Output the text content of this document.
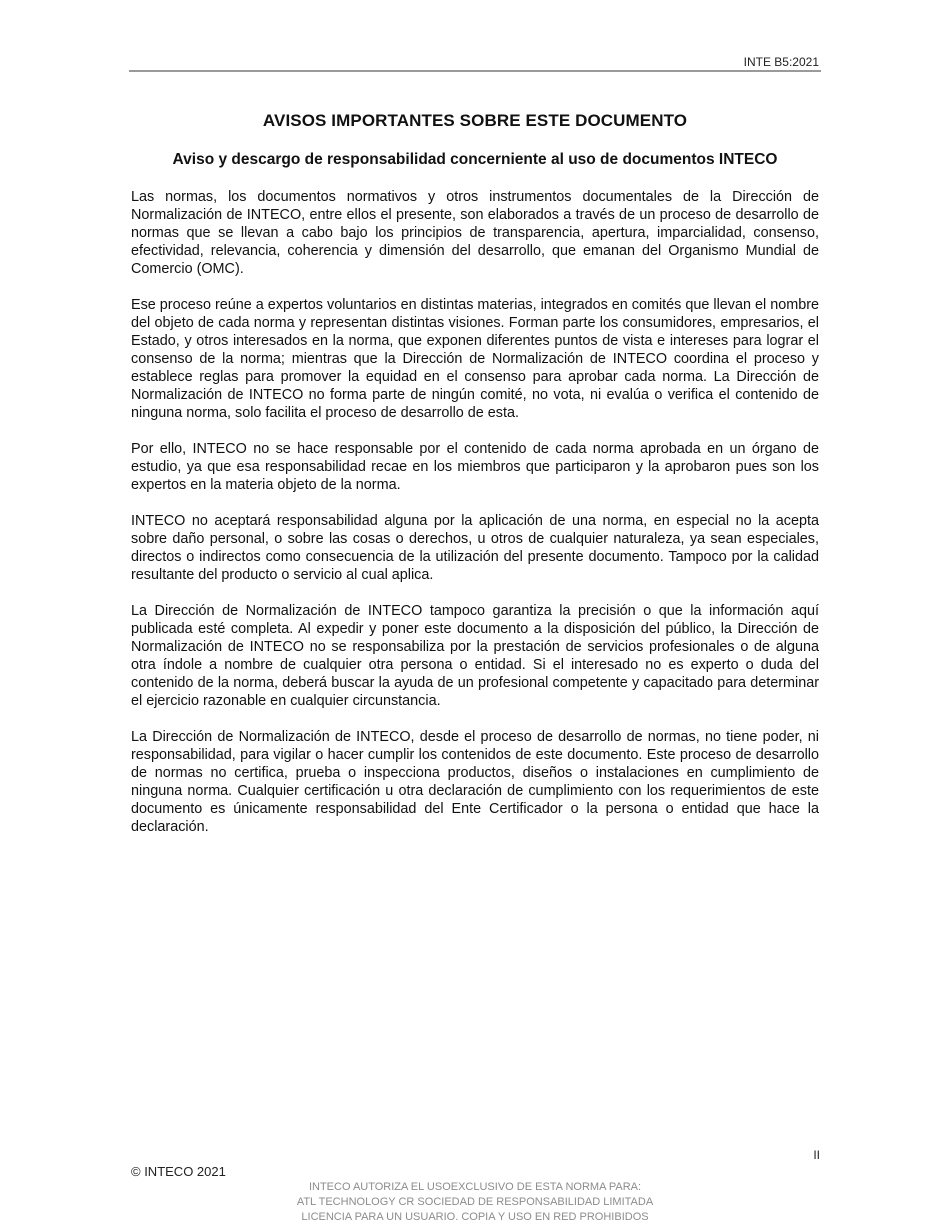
INTE B5:2021
AVISOS IMPORTANTES SOBRE ESTE DOCUMENTO
Aviso y descargo de responsabilidad concerniente al uso de documentos INTECO

Las normas, los documentos normativos y otros instrumentos documentales de la Dirección de Normalización de INTECO, entre ellos el presente, son elaborados a través de un proceso de desarrollo de normas que se llevan a cabo bajo los principios de transparencia, apertura, imparcialidad, consenso, efectividad, relevancia, coherencia y dimensión del desarrollo, que emanan del Organismo Mundial de Comercio (OMC).

Ese proceso reúne a expertos voluntarios en distintas materias, integrados en comités que llevan el nombre del objeto de cada norma y representan distintas visiones. Forman parte los consumidores, empresarios, el Estado, y otros interesados en la norma, que exponen diferentes puntos de vista e intereses para lograr el consenso de la norma; mientras que la Dirección de Normalización de INTECO coordina el proceso y establece reglas para promover la equidad en el consenso para aprobar cada norma. La Dirección de Normalización de INTECO no forma parte de ningún comité, no vota, ni evalúa o verifica el contenido de ninguna norma, solo facilita el proceso de desarrollo de esta.

Por ello, INTECO no se hace responsable por el contenido de cada norma aprobada en un órgano de estudio, ya que esa responsabilidad recae en los miembros que participaron y la aprobaron pues son los expertos en la materia objeto de la norma.

INTECO no aceptará responsabilidad alguna por la aplicación de una norma, en especial no la acepta sobre daño personal, o sobre las cosas o derechos, u otros de cualquier naturaleza, ya sean especiales, directos o indirectos como consecuencia de la utilización del presente documento. Tampoco por la calidad resultante del producto o servicio al cual aplica.

La Dirección de Normalización de INTECO tampoco garantiza la precisión o que la información aquí publicada esté completa. Al expedir y poner este documento a la disposición del público, la Dirección de Normalización de INTECO no se responsabiliza por la prestación de servicios profesionales o de alguna otra índole a nombre de cualquier otra persona o entidad. Si el interesado no es experto o duda del contenido de la norma, deberá buscar la ayuda de un profesional competente y capacitado para determinar el ejercicio razonable en cualquier circunstancia.

La Dirección de Normalización de INTECO, desde el proceso de desarrollo de normas, no tiene poder, ni responsabilidad, para vigilar o hacer cumplir los contenidos de este documento. Este proceso de desarrollo de normas no certifica, prueba o inspecciona productos, diseños o instalaciones en cumplimiento de ninguna norma. Cualquier certificación u otra declaración de cumplimiento con los requerimientos de este documento es únicamente responsabilidad del Ente Certificador o la persona o entidad que hace la declaración.

II
© INTECO 2021
INTECO AUTORIZA EL USOEXCLUSIVO DE ESTA NORMA PARA:
ATL TECHNOLOGY CR SOCIEDAD DE RESPONSABILIDAD LIMITADA
LICENCIA PARA UN USUARIO. COPIA Y USO EN RED PROHIBIDOS
